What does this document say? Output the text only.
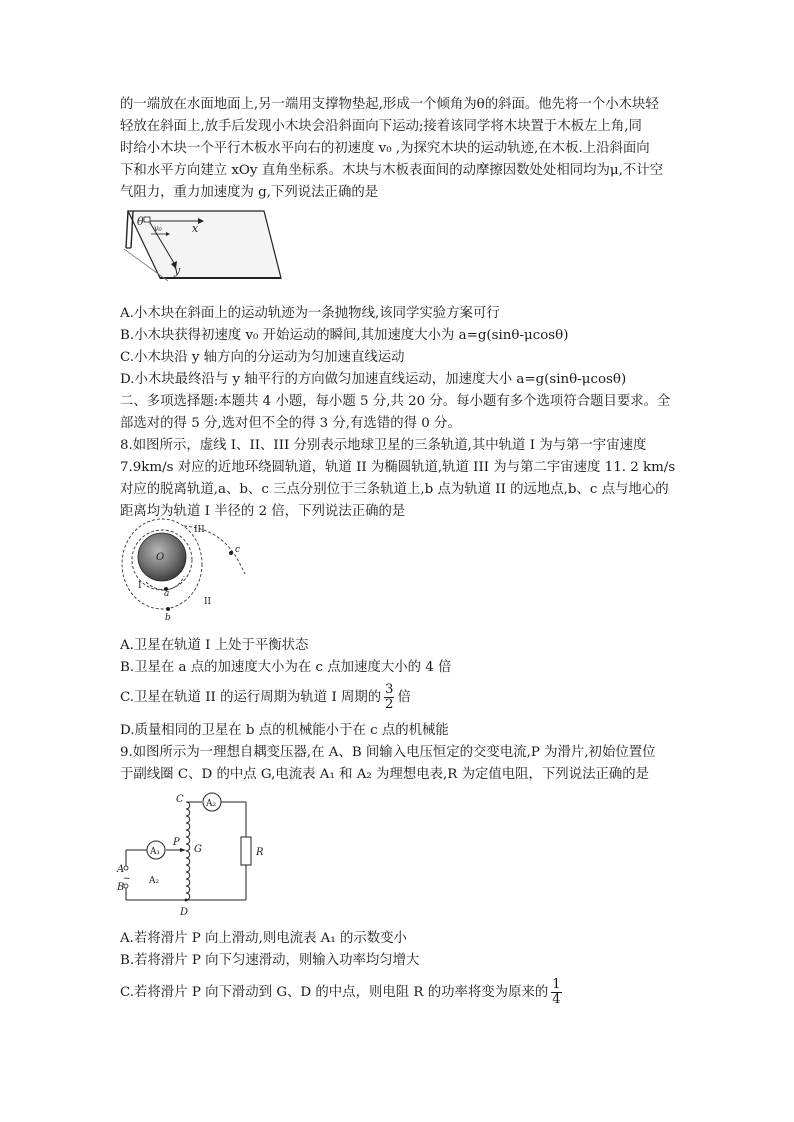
的一端放在水面地面上,另一端用支撑物垫起,形成一个倾角为θ的斜面。他先将一个小木块轻
轻放在斜面上,放手后发现小木块会沿斜面向下运动;接着该同学将木块置于木板左上角,同
时给小木块一个平行木板水平向右的初速度 v₀ ,为探究木块的运动轨迹,在木板.上沿斜面向
下和水平方向建立 xOy 直角坐标系。木块与木板表面间的动摩擦因数处处相同均为μ,不计空
气阻力，重力加速度为 g,下列说法正确的是
θ
v₀	x
y
A.小木块在斜面上的运动轨迹为一条抛物线,该同学实验方案可行
B.小木块获得初速度 v₀ 开始运动的瞬间,其加速度大小为 a=g(sinθ-μcosθ)
C.小木块沿 y 轴方向的分运动为匀加速直线运动
D.小木块最终沿与 y 轴平行的方向做匀加速直线运动，加速度大小 a=g(sinθ-μcosθ)
二、多项选择题:本题共 4 小题，每小题 5 分,共 20 分。每小题有多个选项符合题目要求。全
部选对的得 5 分,选对但不全的得 3 分,有选错的得 0 分。
8.如图所示，虚线 I、II、III 分别表示地球卫星的三条轨道,其中轨道 I 为与第一宇宙速度
7.9km/s 对应的近地环绕圆轨道，轨道 II 为椭圆轨道,轨道 III 为与第二宇宙速度 11. 2 km/s
对应的脱离轨道,a、b、c 三点分别位于三条轨道上,b 点为轨道 II 的远地点,b、c 点与地心的
距离均为轨道 I 半径的 2 倍，下列说法正确的是
O
I
II
III
a
b
c
A.卫星在轨道 I 上处于平衡状态
B.卫星在 a 点的加速度大小为在 c 点加速度大小的 4 倍
C.卫星在轨道 II 的运行周期为轨道 I 周期的 $\frac{3}{2}$ 倍
D.质量相同的卫星在 b 点的机械能小于在 c 点的机械能
9.如图所示为一理想自耦变压器,在 A、B 间输入电压恒定的交变电流,P 为滑片,初始位置位
于副线圈 C、D 的中点 G,电流表 A₁ 和 A₂ 为理想电表,R 为定值电阻，下列说法正确的是
A₂
R
C
D
G
P
A₁
A
~
B
A₂
A.若将滑片 P 向上滑动,则电流表 A₁ 的示数变小
B.若将滑片 P 向下匀速滑动，则输入功率均匀增大
C.若将滑片 P 向下滑动到 G、D 的中点，则电阻 R 的功率将变为原来的 $\frac{1}{4}$
